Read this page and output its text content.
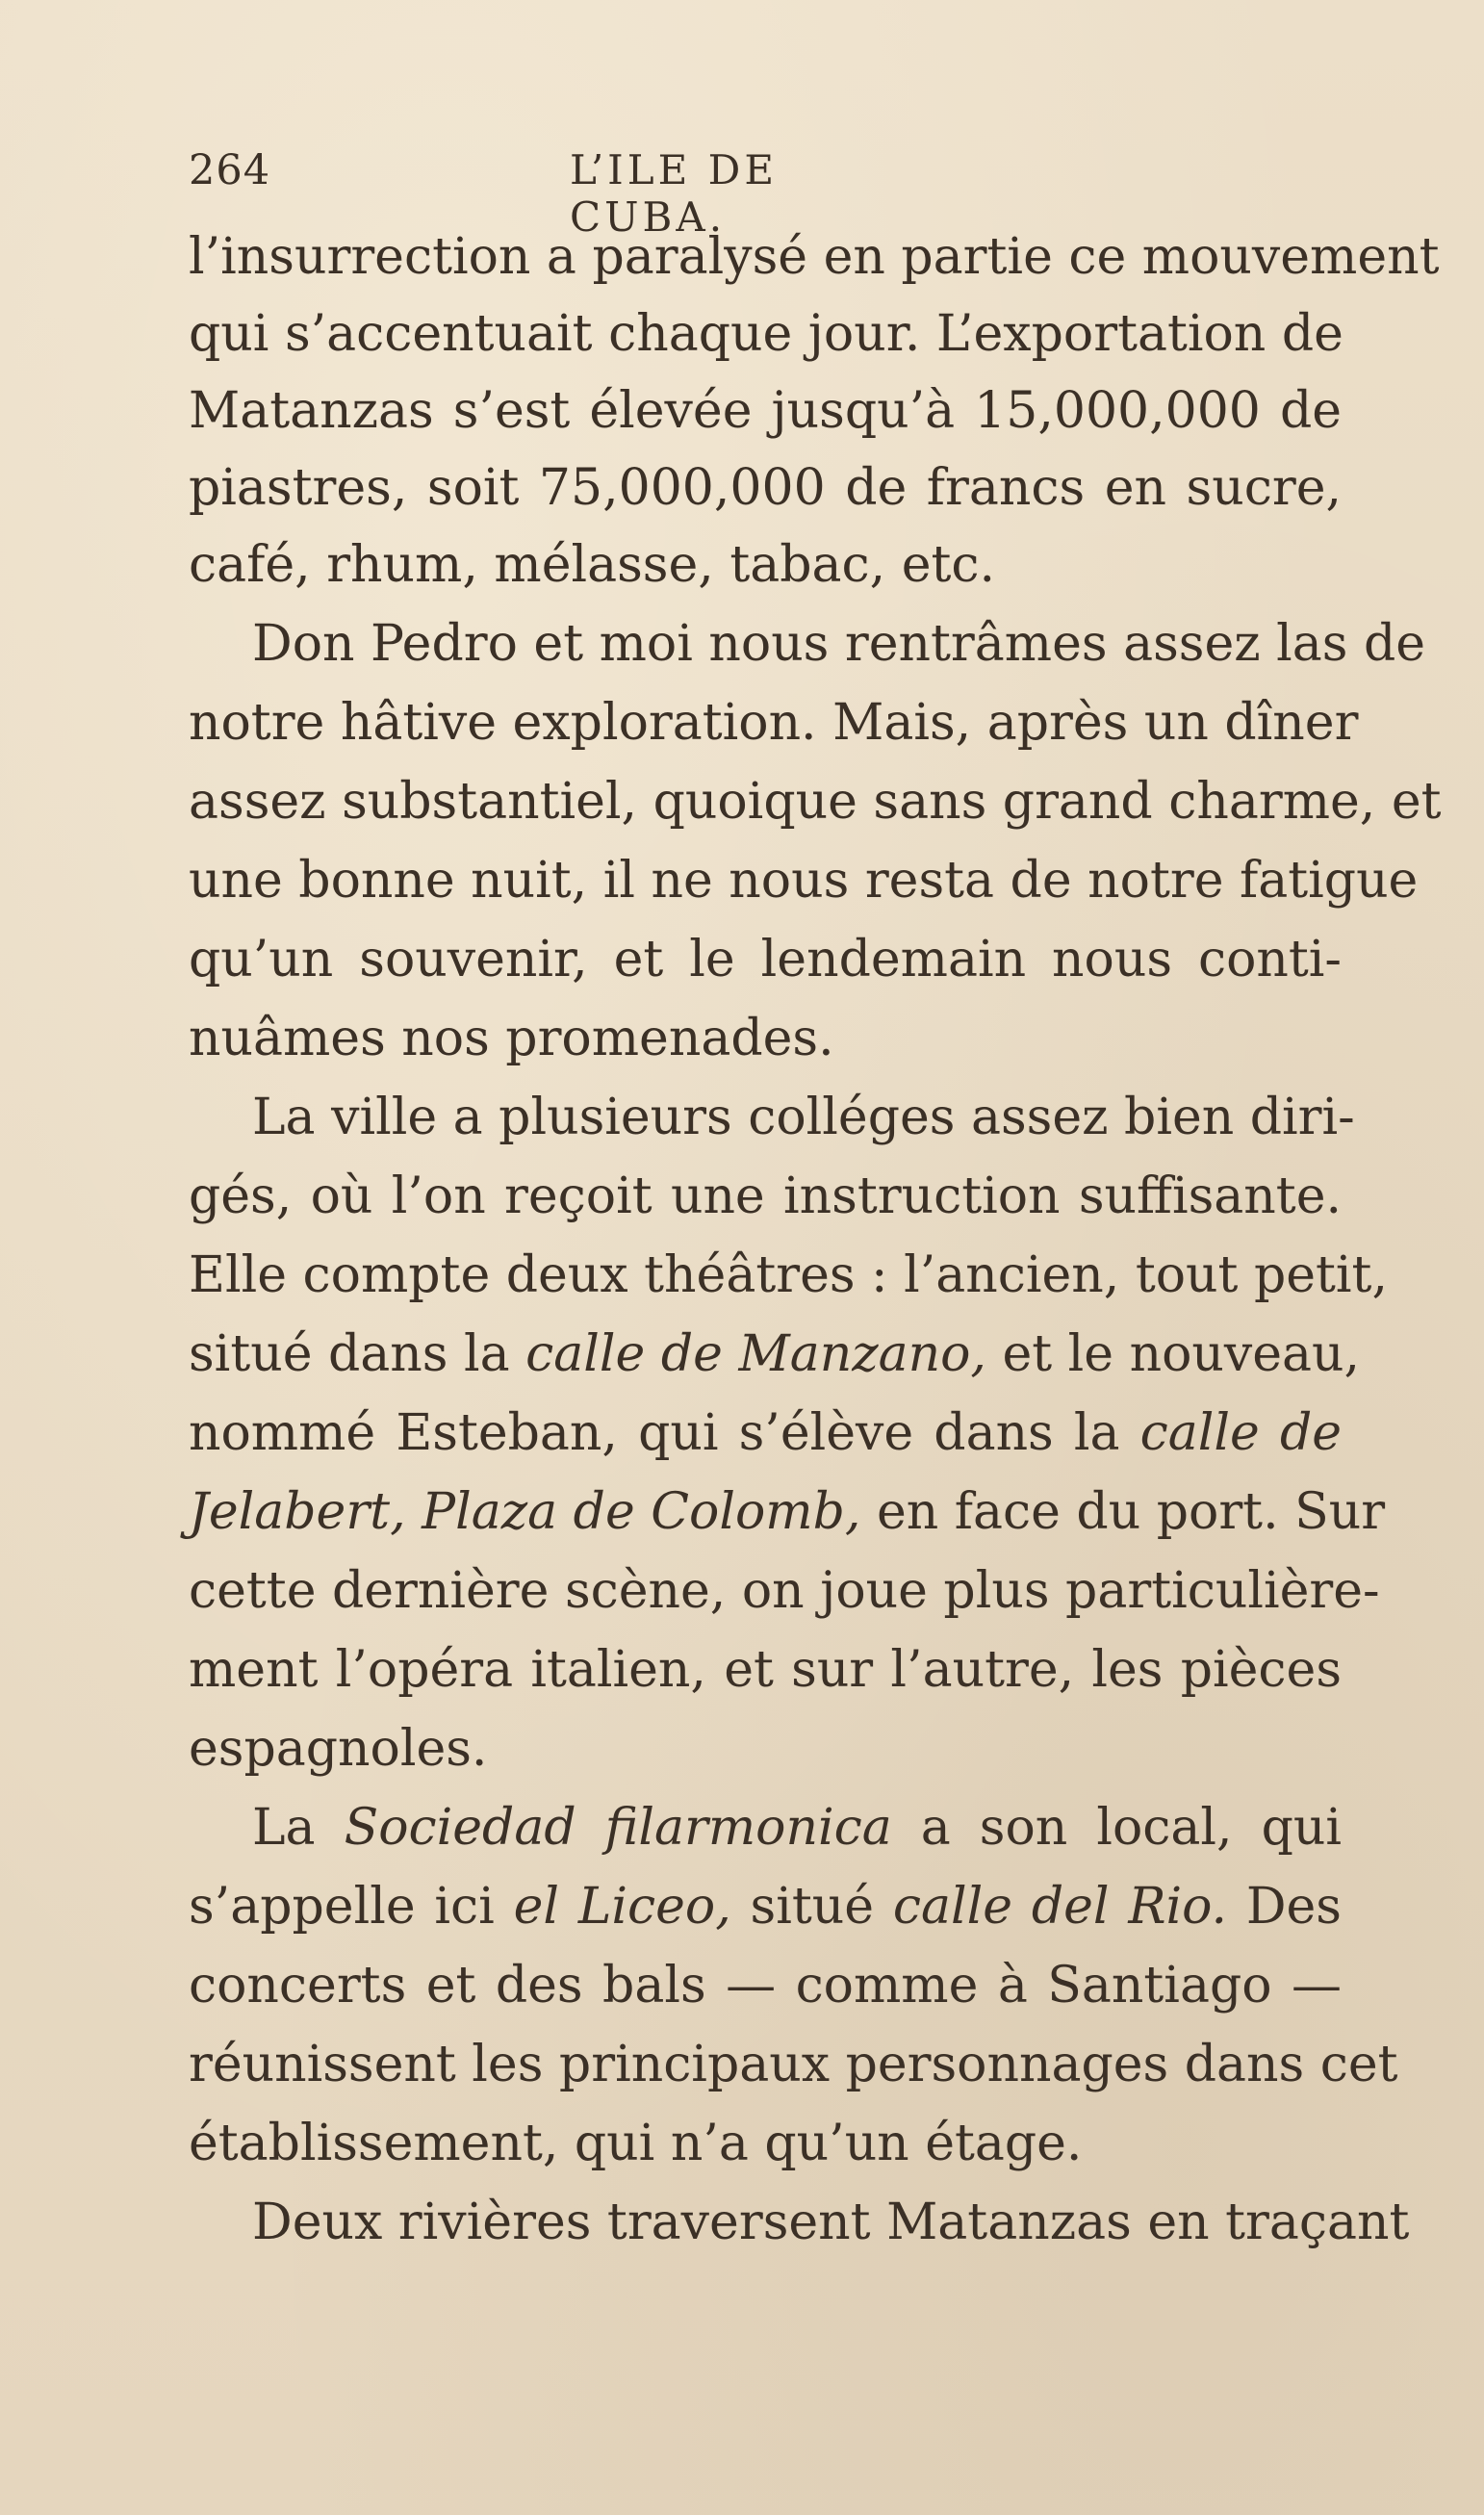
264	L’ILE DE CUBA.
l’insurrection a paralysé en partie ce mouvement
qui s’accentuait chaque jour. L’exportation de
Matanzas s’est élevée jusqu’à 15,000,000 de
piastres, soit 75,000,000 de francs en sucre,
café, rhum, mélasse, tabac, etc.
Don Pedro et moi nous rentrâmes assez las de
notre hâtive exploration. Mais, après un dîner
assez substantiel, quoique sans grand charme, et
une bonne nuit, il ne nous resta de notre fatigue
qu’un souvenir, et le lendemain nous conti-
nuâmes nos promenades.
La ville a plusieurs colléges assez bien diri-
gés, où l’on reçoit une instruction suffisante.
Elle compte deux théâtres : l’ancien, tout petit,
situé dans la calle de Manzano, et le nouveau,
nommé Esteban, qui s’élève dans la calle de
Jelabert, Plaza de Colomb, en face du port. Sur
cette dernière scène, on joue plus particulière-
ment l’opéra italien, et sur l’autre, les pièces
espagnoles.
La Sociedad filarmonica a son local, qui
s’appelle ici el Liceo, situé calle del Rio. Des
concerts et des bals — comme à Santiago —
réunissent les principaux personnages dans cet
établissement, qui n’a qu’un étage.
Deux rivières traversent Matanzas en traçant
